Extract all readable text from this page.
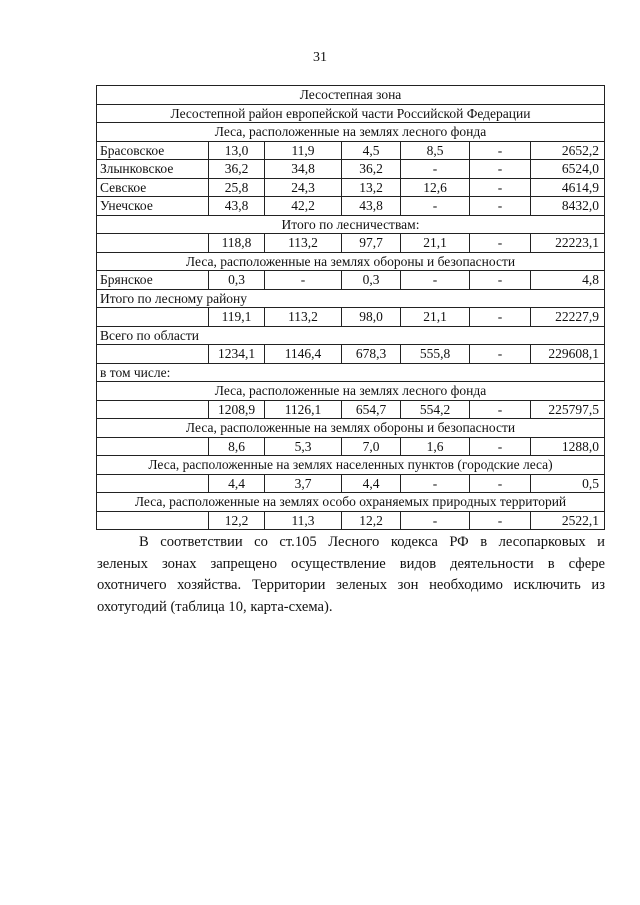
31
Лесостепная зона						
Лесостепной район европейской части Российской Федерации						
Леса, расположенные на землях лесного фонда						
Брасовское	13,0	11,9	4,5	8,5	-	2652,2
Злынковское	36,2	34,8	36,2	-	-	6524,0
Севское	25,8	24,3	13,2	12,6	-	4614,9
Унечское	43,8	42,2	43,8	-	-	8432,0
Итого по лесничествам:						
	118,8	113,2	97,7	21,1	-	22223,1
Леса, расположенные на землях обороны и безопасности						
Брянское	0,3	-	0,3	-	-	4,8
Итого по лесному району						
	119,1	113,2	98,0	21,1	-	22227,9
Всего по области						
	1234,1	1146,4	678,3	555,8	-	229608,1
в том числе:						
Леса, расположенные на землях лесного фонда						
	1208,9	1126,1	654,7	554,2	-	225797,5
Леса, расположенные на землях обороны и безопасности						
	8,6	5,3	7,0	1,6	-	1288,0
Леса, расположенные на землях населенных пунктов (городские леса)						
	4,4	3,7	4,4	-	-	0,5
Леса, расположенные на землях особо охраняемых природных территорий						
	12,2	11,3	12,2	-	-	2522,1

В соответствии со ст.105 Лесного кодекса РФ в лесопарковых и
зеленых зонах запрещено осуществление видов деятельности в сфере
охотничего хозяйства. Территории зеленых зон необходимо исключить из
охотугодий (таблица 10, карта-схема).
